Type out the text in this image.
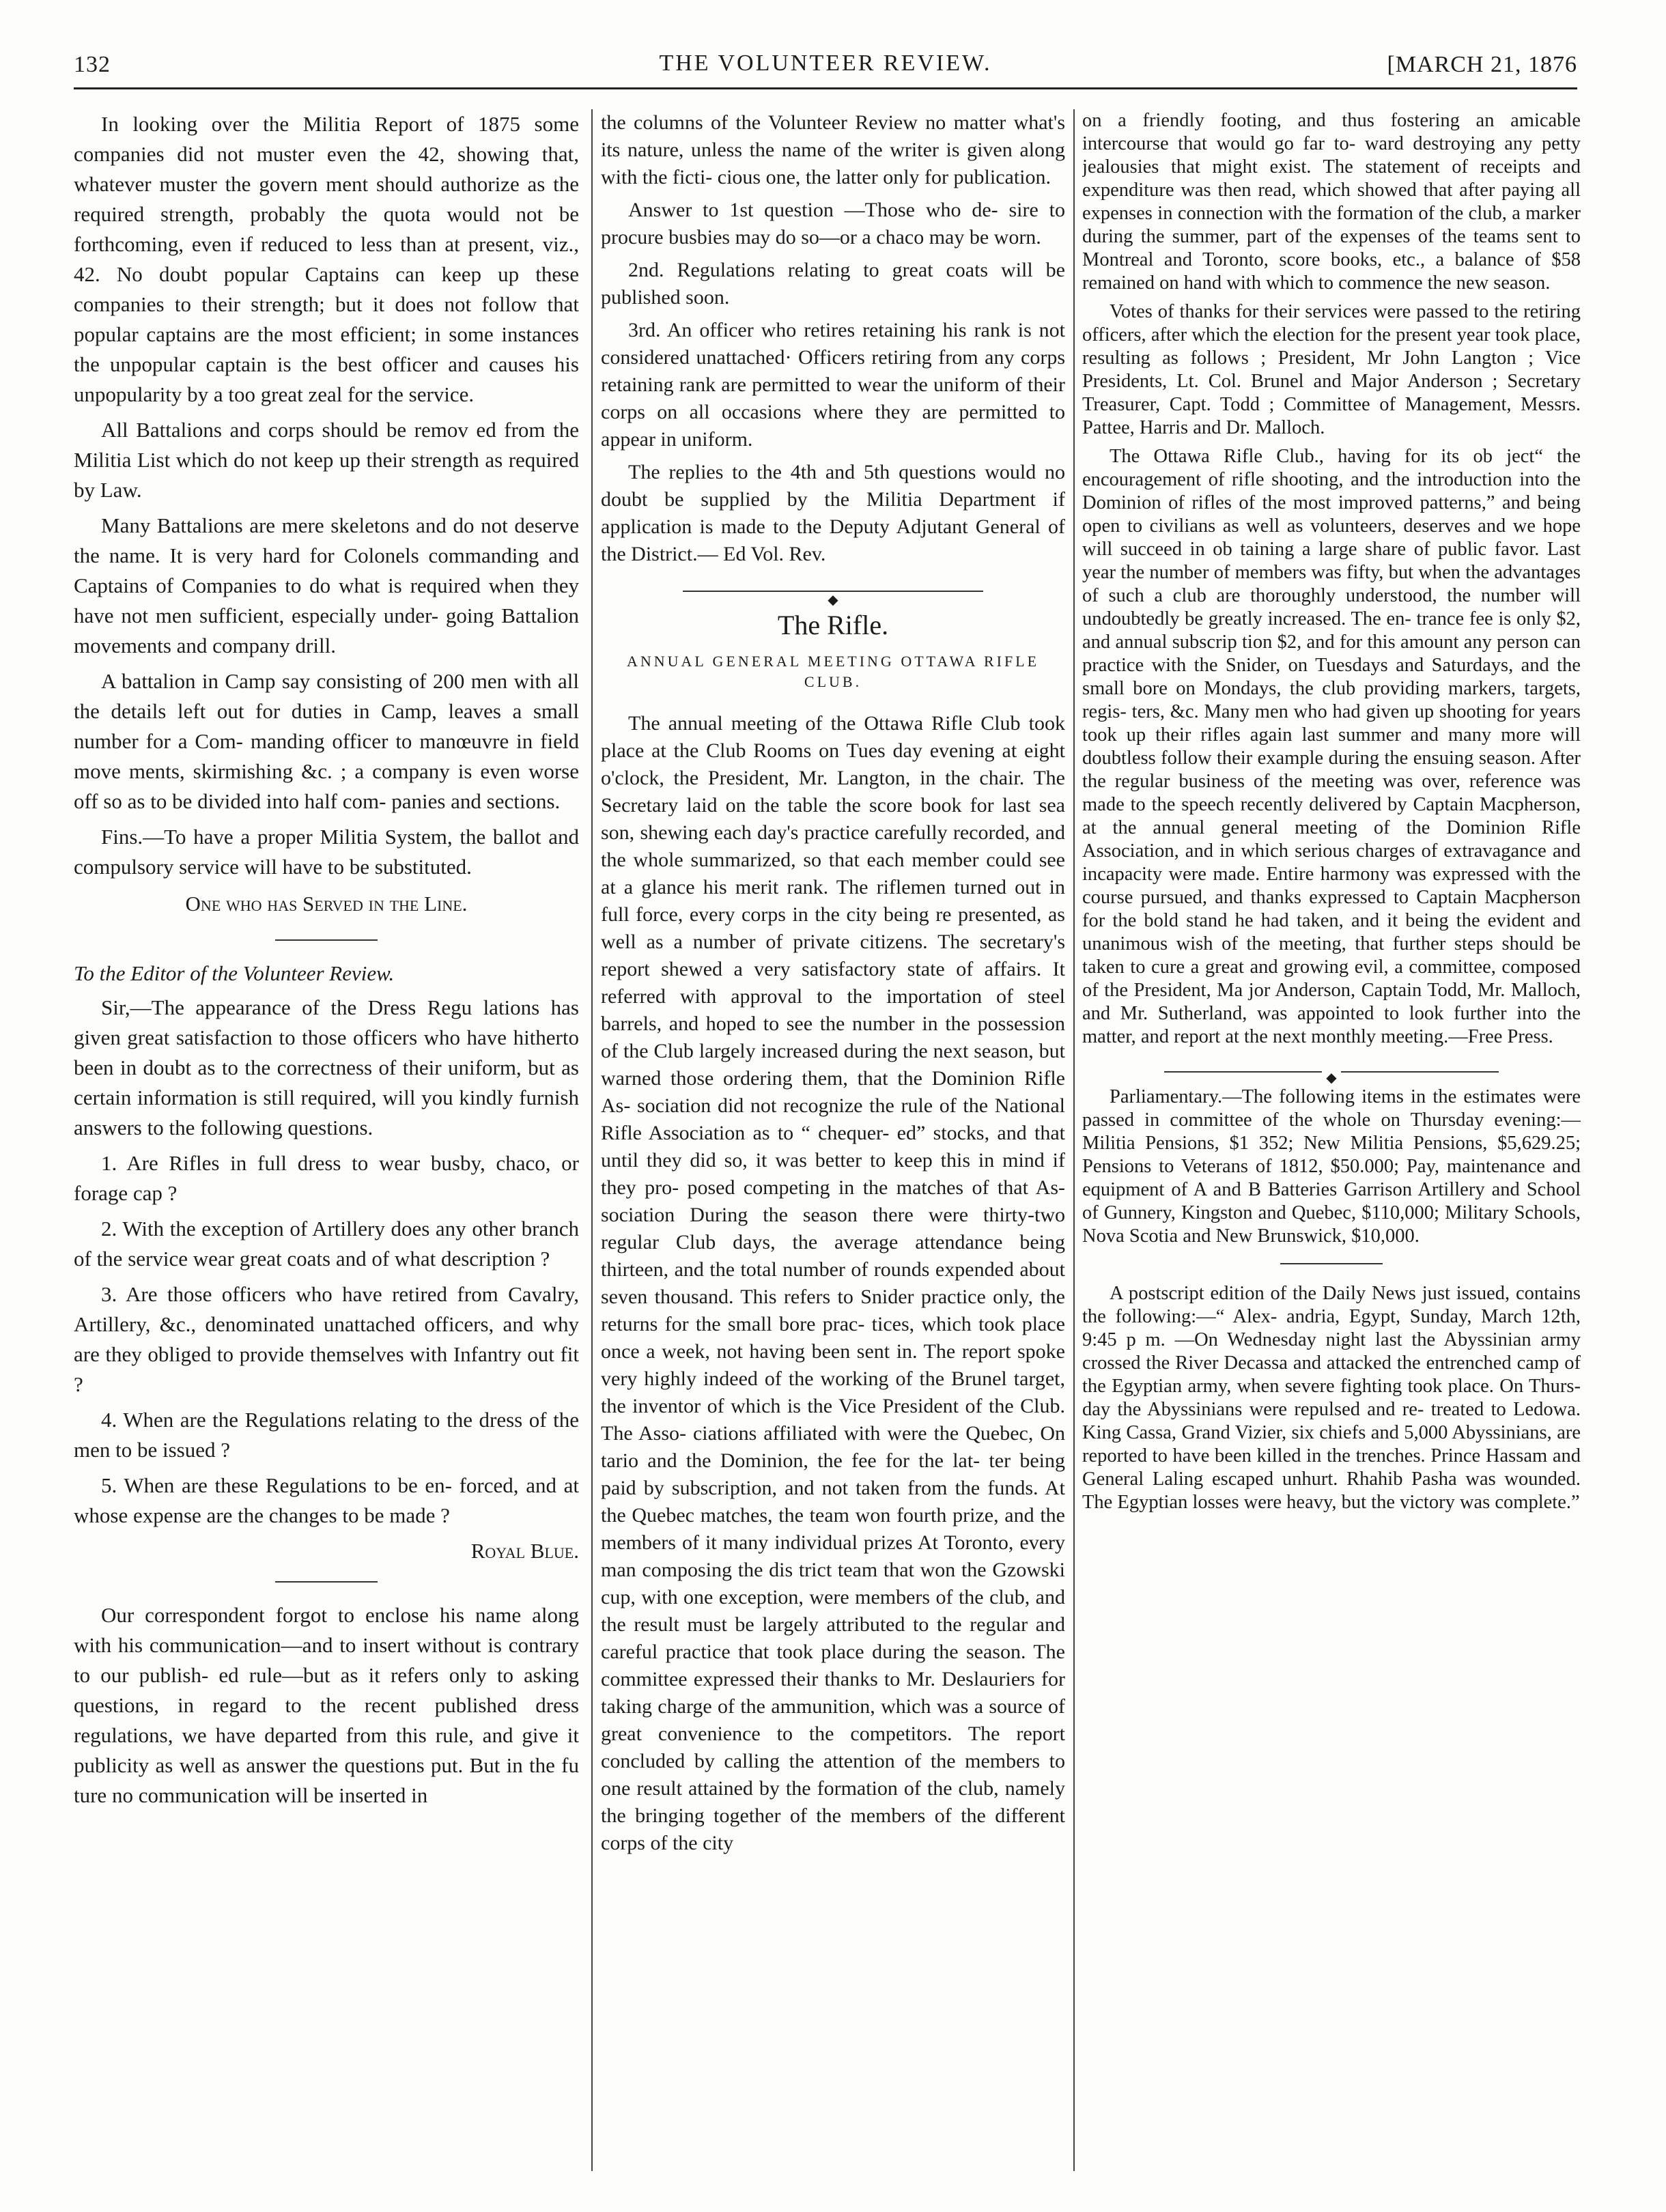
132	THE VOLUNTEER REVIEW.	[MARCH 21, 1876

In looking over the Militia Report of 1875 some companies did not muster even the 42, showing that, whatever muster the govern ment should authorize as the required strength, probably the quota would not be forthcoming, even if reduced to less than at present, viz., 42. No doubt popular Captains can keep up these companies to their strength; but it does not follow that popular captains are the most efficient; in some instances the unpopular captain is the best officer and causes his unpopularity by a too great zeal for the service.

All Battalions and corps should be remov ed from the Militia List which do not keep up their strength as required by Law.

Many Battalions are mere skeletons and do not deserve the name. It is very hard for Colonels commanding and Captains of Companies to do what is required when they have not men sufficient, especially under- going Battalion movements and company drill.

A battalion in Camp say consisting of 200 men with all the details left out for duties in Camp, leaves a small number for a Com- manding officer to manœuvre in field move ments, skirmishing &c. ; a company is even worse off so as to be divided into half com- panies and sections.

Fins.—To have a proper Militia System, the ballot and compulsory service will have to be substituted.

One who has Served in the Line.

To the Editor of the Volunteer Review.

Sir,—The appearance of the Dress Regu lations has given great satisfaction to those officers who have hitherto been in doubt as to the correctness of their uniform, but as certain information is still required, will you kindly furnish answers to the following questions.

1. Are Rifles in full dress to wear busby, chaco, or forage cap ?

2. With the exception of Artillery does any other branch of the service wear great coats and of what description ?

3. Are those officers who have retired from Cavalry, Artillery, &c., denominated unattached officers, and why are they obliged to provide themselves with Infantry out fit ?

4. When are the Regulations relating to the dress of the men to be issued ?

5. When are these Regulations to be en- forced, and at whose expense are the changes to be made ?

Royal Blue.

Our correspondent forgot to enclose his name along with his communication—and to insert without is contrary to our publish- ed rule—but as it refers only to asking questions, in regard to the recent published dress regulations, we have departed from this rule, and give it publicity as well as answer the questions put. But in the fu ture no communication will be inserted in

the columns of the Volunteer Review no matter what's its nature, unless the name of the writer is given along with the ficti- cious one, the latter only for publication.

Answer to 1st question —Those who de- sire to procure busbies may do so—or a chaco may be worn.

2nd. Regulations relating to great coats will be published soon.

3rd. An officer who retires retaining his rank is not considered unattached· Officers retiring from any corps retaining rank are permitted to wear the uniform of their corps on all occasions where they are permitted to appear in uniform.

The replies to the 4th and 5th questions would no doubt be supplied by the Militia Department if application is made to the Deputy Adjutant General of the District.— Ed Vol. Rev.

◆

The Rifle.

ANNUAL GENERAL MEETING OTTAWA RIFLE CLUB.

The annual meeting of the Ottawa Rifle Club took place at the Club Rooms on Tues day evening at eight o'clock, the President, Mr. Langton, in the chair. The Secretary laid on the table the score book for last sea son, shewing each day's practice carefully recorded, and the whole summarized, so that each member could see at a glance his merit rank. The riflemen turned out in full force, every corps in the city being re presented, as well as a number of private citizens. The secretary's report shewed a very satisfactory state of affairs. It referred with approval to the importation of steel barrels, and hoped to see the number in the possession of the Club largely increased during the next season, but warned those ordering them, that the Dominion Rifle As- sociation did not recognize the rule of the National Rifle Association as to “ chequer- ed” stocks, and that until they did so, it was better to keep this in mind if they pro- posed competing in the matches of that As- sociation During the season there were thirty-two regular Club days, the average attendance being thirteen, and the total number of rounds expended about seven thousand. This refers to Snider practice only, the returns for the small bore prac- tices, which took place once a week, not having been sent in. The report spoke very highly indeed of the working of the Brunel target, the inventor of which is the Vice President of the Club. The Asso- ciations affiliated with were the Quebec, On tario and the Dominion, the fee for the lat- ter being paid by subscription, and not taken from the funds. At the Quebec matches, the team won fourth prize, and the members of it many individual prizes At Toronto, every man composing the dis trict team that won the Gzowski cup, with one exception, were members of the club, and the result must be largely attributed to the regular and careful practice that took place during the season. The committee expressed their thanks to Mr. Deslauriers for taking charge of the ammunition, which was a source of great convenience to the competitors. The report concluded by calling the attention of the members to one result attained by the formation of the club, namely the bringing together of the members of the different corps of the city

on a friendly footing, and thus fostering an amicable intercourse that would go far to- ward destroying any petty jealousies that might exist. The statement of receipts and expenditure was then read, which showed that after paying all expenses in connection with the formation of the club, a marker during the summer, part of the expenses of the teams sent to Montreal and Toronto, score books, etc., a balance of $58 remained on hand with which to commence the new season.

Votes of thanks for their services were passed to the retiring officers, after which the election for the present year took place, resulting as follows ; President, Mr John Langton ; Vice Presidents, Lt. Col. Brunel and Major Anderson ; Secretary Treasurer, Capt. Todd ; Committee of Management, Messrs. Pattee, Harris and Dr. Malloch.

The Ottawa Rifle Club., having for its ob ject“ the encouragement of rifle shooting, and the introduction into the Dominion of rifles of the most improved patterns,” and being open to civilians as well as volunteers, deserves and we hope will succeed in ob taining a large share of public favor. Last year the number of members was fifty, but when the advantages of such a club are thoroughly understood, the number will undoubtedly be greatly increased. The en- trance fee is only $2, and annual subscrip tion $2, and for this amount any person can practice with the Snider, on Tuesdays and Saturdays, and the small bore on Mondays, the club providing markers, targets, regis- ters, &c. Many men who had given up shooting for years took up their rifles again last summer and many more will doubtless follow their example during the ensuing season. After the regular business of the meeting was over, reference was made to the speech recently delivered by Captain Macpherson, at the annual general meeting of the Dominion Rifle Association, and in which serious charges of extravagance and incapacity were made. Entire harmony was expressed with the course pursued, and thanks expressed to Captain Macpherson for the bold stand he had taken, and it being the evident and unanimous wish of the meeting, that further steps should be taken to cure a great and growing evil, a committee, composed of the President, Ma jor Anderson, Captain Todd, Mr. Malloch, and Mr. Sutherland, was appointed to look further into the matter, and report at the next monthly meeting.—Free Press.

◆

Parliamentary.—The following items in the estimates were passed in committee of the whole on Thursday evening:—Militia Pensions, $1 352; New Militia Pensions, $5,629.25; Pensions to Veterans of 1812, $50.000; Pay, maintenance and equipment of A and B Batteries Garrison Artillery and School of Gunnery, Kingston and Quebec, $110,000; Military Schools, Nova Scotia and New Brunswick, $10,000.

A postscript edition of the Daily News just issued, contains the following:—“ Alex- andria, Egypt, Sunday, March 12th, 9:45 p m. —On Wednesday night last the Abyssinian army crossed the River Decassa and attacked the entrenched camp of the Egyptian army, when severe fighting took place. On Thurs- day the Abyssinians were repulsed and re- treated to Ledowa. King Cassa, Grand Vizier, six chiefs and 5,000 Abyssinians, are reported to have been killed in the trenches. Prince Hassam and General Laling escaped unhurt. Rhahib Pasha was wounded. The Egyptian losses were heavy, but the victory was complete.”
